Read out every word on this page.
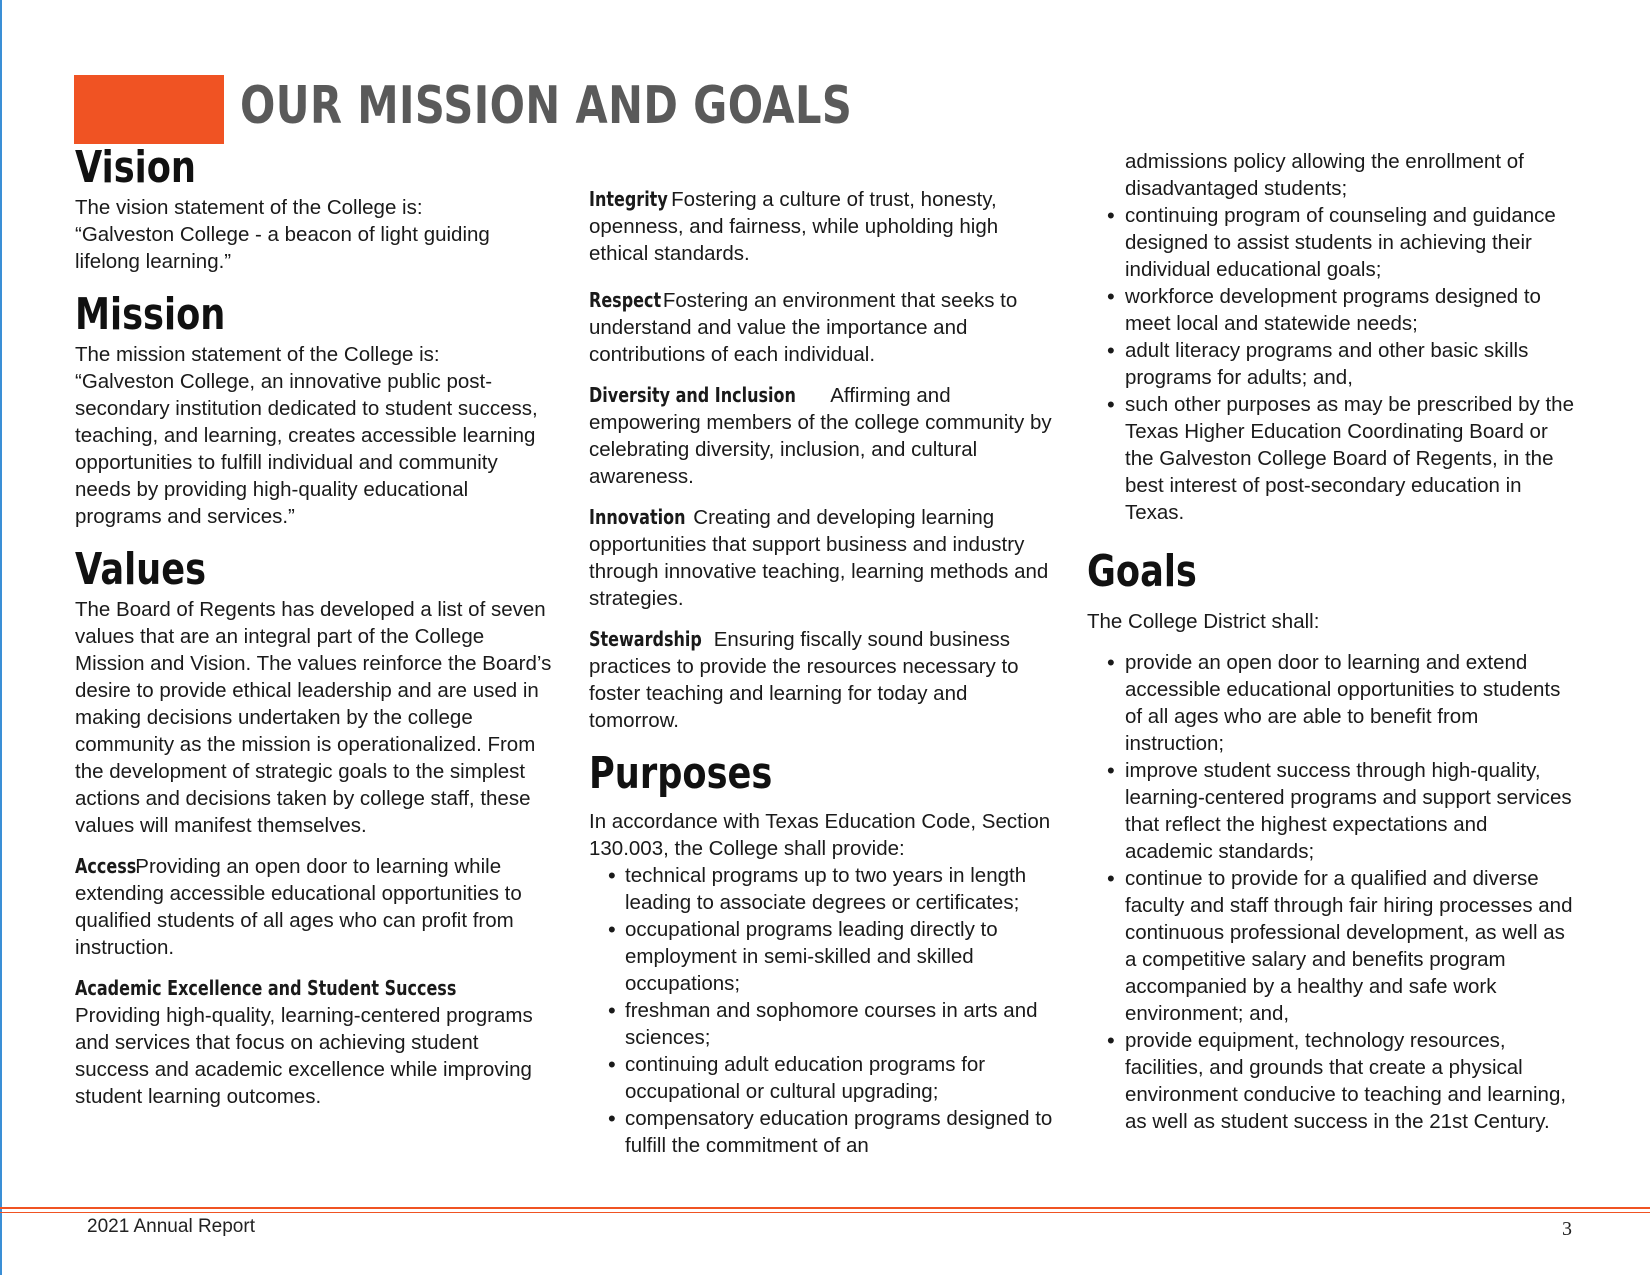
OUR MISSION AND GOALS
Vision

The vision statement of the College is:

“Galveston College - a beacon of light guiding lifelong learning.”

Mission

The mission statement of the College is:

“Galveston College, an innovative public post-secondary institution dedicated to student success, teaching, and learning, creates accessible learning opportunities to fulfill individual and community needs by providing high-quality educational programs and services.”

Values

The Board of Regents has developed a list of seven values that are an integral part of the College Mission and Vision. The values reinforce the Board’s desire to provide ethical leadership and are used in making decisions undertaken by the college community as the mission is operationalized. From the development of strategic goals to the simplest actions and decisions taken by college staff, these values will manifest themselves.

Access Providing an open door to learning while extending accessible educational opportunities to qualified students of all ages who can profit from instruction.

Academic Excellence and Student Success
Providing high-quality, learning-centered programs and services that focus on achieving student success and academic excellence while improving student learning outcomes.

Integrity Fostering a culture of trust, honesty, openness, and fairness, while upholding high ethical standards.

Respect Fostering an environment that seeks to understand and value the importance and contributions of each individual.

Diversity and Inclusion Affirming and empowering members of the college community by celebrating diversity, inclusion, and cultural awareness.

Innovation Creating and developing learning opportunities that support business and industry through innovative teaching, learning methods and strategies.

Stewardship Ensuring fiscally sound business practices to provide the resources necessary to foster teaching and learning for today and tomorrow.

Purposes

In accordance with Texas Education Code, Section 130.003, the College shall provide:

• technical programs up to two years in length leading to associate degrees or certificates;
• occupational programs leading directly to employment in semi-skilled and skilled occupations;
• freshman and sophomore courses in arts and sciences;
• continuing adult education programs for occupational or cultural upgrading;
• compensatory education programs designed to fulfill the commitment of an
admissions policy allowing the enrollment of disadvantaged students;
• continuing program of counseling and guidance designed to assist students in achieving their individual educational goals;
• workforce development programs designed to meet local and statewide needs;
• adult literacy programs and other basic skills programs for adults; and,
• such other purposes as may be prescribed by the Texas Higher Education Coordinating Board or the Galveston College Board of Regents, in the best interest of post-secondary education in Texas.
Goals

The College District shall:

• provide an open door to learning and extend accessible educational opportunities to students of all ages who are able to benefit from instruction;
• improve student success through high-quality, learning-centered programs and support services that reflect the highest expectations and academic standards;
• continue to provide for a qualified and diverse faculty and staff through fair hiring processes and continuous professional development, as well as a competitive salary and benefits program accompanied by a healthy and safe work environment; and,
• provide equipment, technology resources, facilities, and grounds that create a physical environment conducive to teaching and learning, as well as student success in the 21st Century.
2021 Annual Report	3
